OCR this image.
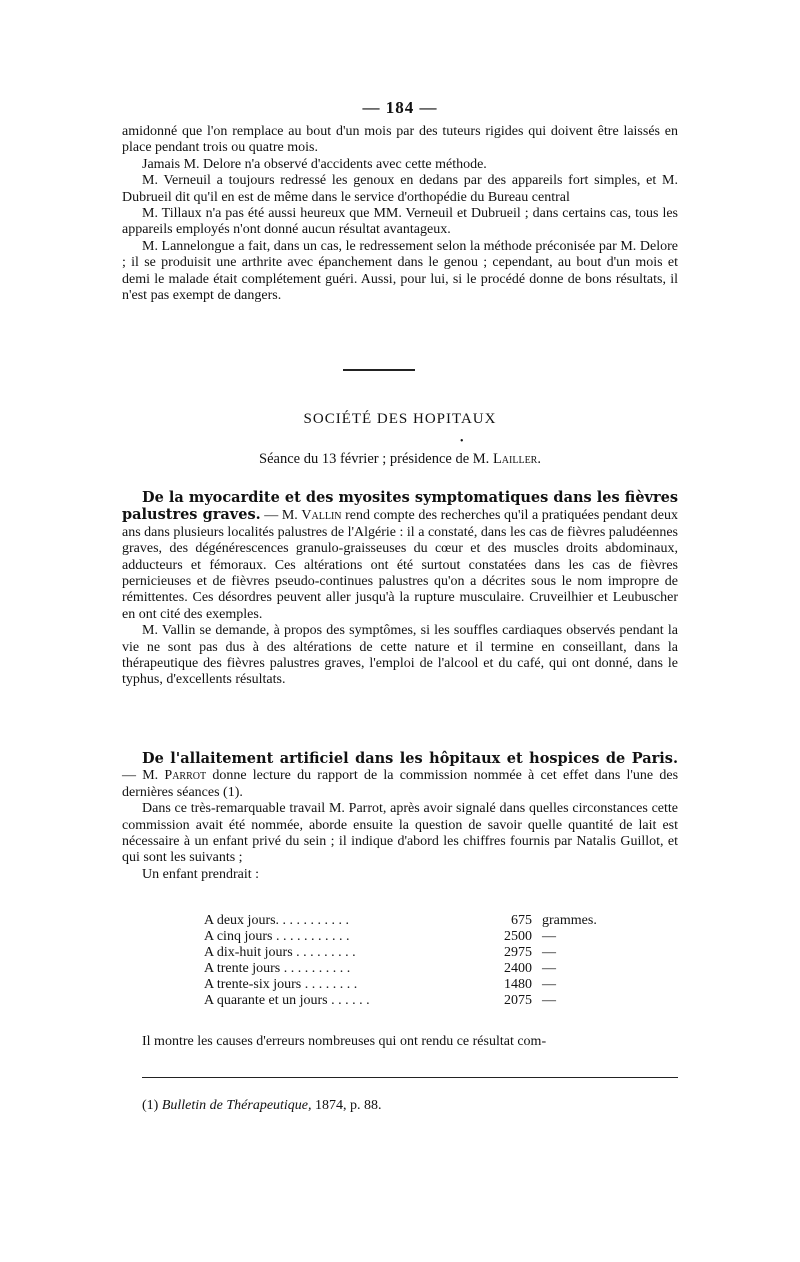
— 184 —

amidonné que l'on remplace au bout d'un mois par des tuteurs rigides qui doivent être laissés en place pendant trois ou quatre mois.

Jamais M. Delore n'a observé d'accidents avec cette méthode.

M. Verneuil a toujours redressé les genoux en dedans par des appareils fort simples, et M. Dubrueil dit qu'il en est de même dans le service d'orthopédie du Bureau central

M. Tillaux n'a pas été aussi heureux que MM. Verneuil et Dubrueil ; dans certains cas, tous les appareils employés n'ont donné aucun résultat avantageux.

M. Lannelongue a fait, dans un cas, le redressement selon la méthode préconisée par M. Delore ; il se produisit une arthrite avec épanchement dans le genou ; cependant, au bout d'un mois et demi le malade était complétement guéri. Aussi, pour lui, si le procédé donne de bons résultats, il n'est pas exempt de dangers.

SOCIÉTÉ DES HOPITAUX
•
Séance du 13 février ; présidence de M. Lailler.

De la myocardite et des myosites symptomatiques dans les fièvres palustres graves. — M. Vallin rend compte des recherches qu'il a pratiquées pendant deux ans dans plusieurs localités palustres de l'Algérie : il a constaté, dans les cas de fièvres paludéennes graves, des dégénérescences granulo-graisseuses du cœur et des muscles droits abdominaux, adducteurs et fémoraux. Ces altérations ont été surtout constatées dans les cas de fièvres pernicieuses et de fièvres pseudo-continues palustres qu'on a décrites sous le nom impropre de rémittentes. Ces désordres peuvent aller jusqu'à la rupture musculaire. Cruveilhier et Leubuscher en ont cité des exemples.

M. Vallin se demande, à propos des symptômes, si les souffles cardiaques observés pendant la vie ne sont pas dus à des altérations de cette nature et il termine en conseillant, dans la thérapeutique des fièvres palustres graves, l'emploi de l'alcool et du café, qui ont donné, dans le typhus, d'excellents résultats.

De l'allaitement artificiel dans les hôpitaux et hospices de Paris. — M. Parrot donne lecture du rapport de la commission nommée à cet effet dans l'une des dernières séances (1).

Dans ce très-remarquable travail M. Parrot, après avoir signalé dans quelles circonstances cette commission avait été nommée, aborde ensuite la question de savoir quelle quantité de lait est nécessaire à un enfant privé du sein ; il indique d'abord les chiffres fournis par Natalis Guillot, et qui sont les suivants ;

Un enfant prendrait :

A deux jours. . . . . . . . . . .	675 grammes.
A cinq jours . . . . . . . . . . .	2500 —
A dix-huit jours . . . . . . . . .	2975 —
A trente jours . . . . . . . . . .	2400 —
A trente-six jours . . . . . . . .	1480 —
A quarante et un jours . . . . . .	2075 —
Il montre les causes d'erreurs nombreuses qui ont rendu ce résultat com-
(1) Bulletin de Thérapeutique, 1874, p. 88.
